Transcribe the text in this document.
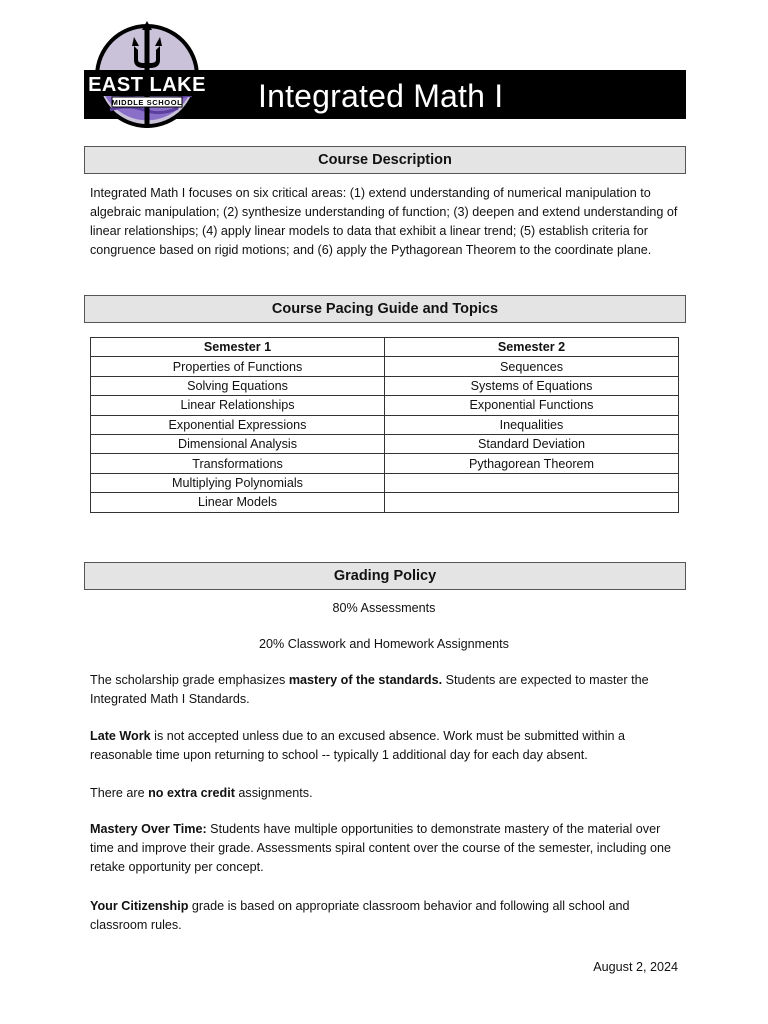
Integrated Math I
EAST LAKE
MIDDLE SCHOOL
Course Description
Integrated Math I focuses on six critical areas: (1) extend understanding of numerical manipulation to algebraic manipulation; (2) synthesize understanding of function; (3) deepen and extend understanding of linear relationships; (4) apply linear models to data that exhibit a linear trend; (5) establish criteria for congruence based on rigid motions; and (6) apply the Pythagorean Theorem to the coordinate plane.
Course Pacing Guide and Topics
Semester 1	Semester 2
Properties of Functions	Sequences
Solving Equations	Systems of Equations
Linear Relationships	Exponential Functions
Exponential Expressions	Inequalities
Dimensional Analysis	Standard Deviation
Transformations	Pythagorean Theorem
Multiplying Polynomials	
Linear Models	
Grading Policy
80% Assessments
20% Classwork and Homework Assignments
The scholarship grade emphasizes mastery of the standards. Students are expected to master the Integrated Math I Standards.
Late Work is not accepted unless due to an excused absence. Work must be submitted within a reasonable time upon returning to school -- typically 1 additional day for each day absent.
There are no extra credit assignments.
Mastery Over Time: Students have multiple opportunities to demonstrate mastery of the material over time and improve their grade. Assessments spiral content over the course of the semester, including one retake opportunity per concept.
Your Citizenship grade is based on appropriate classroom behavior and following all school and classroom rules.
August 2, 2024
